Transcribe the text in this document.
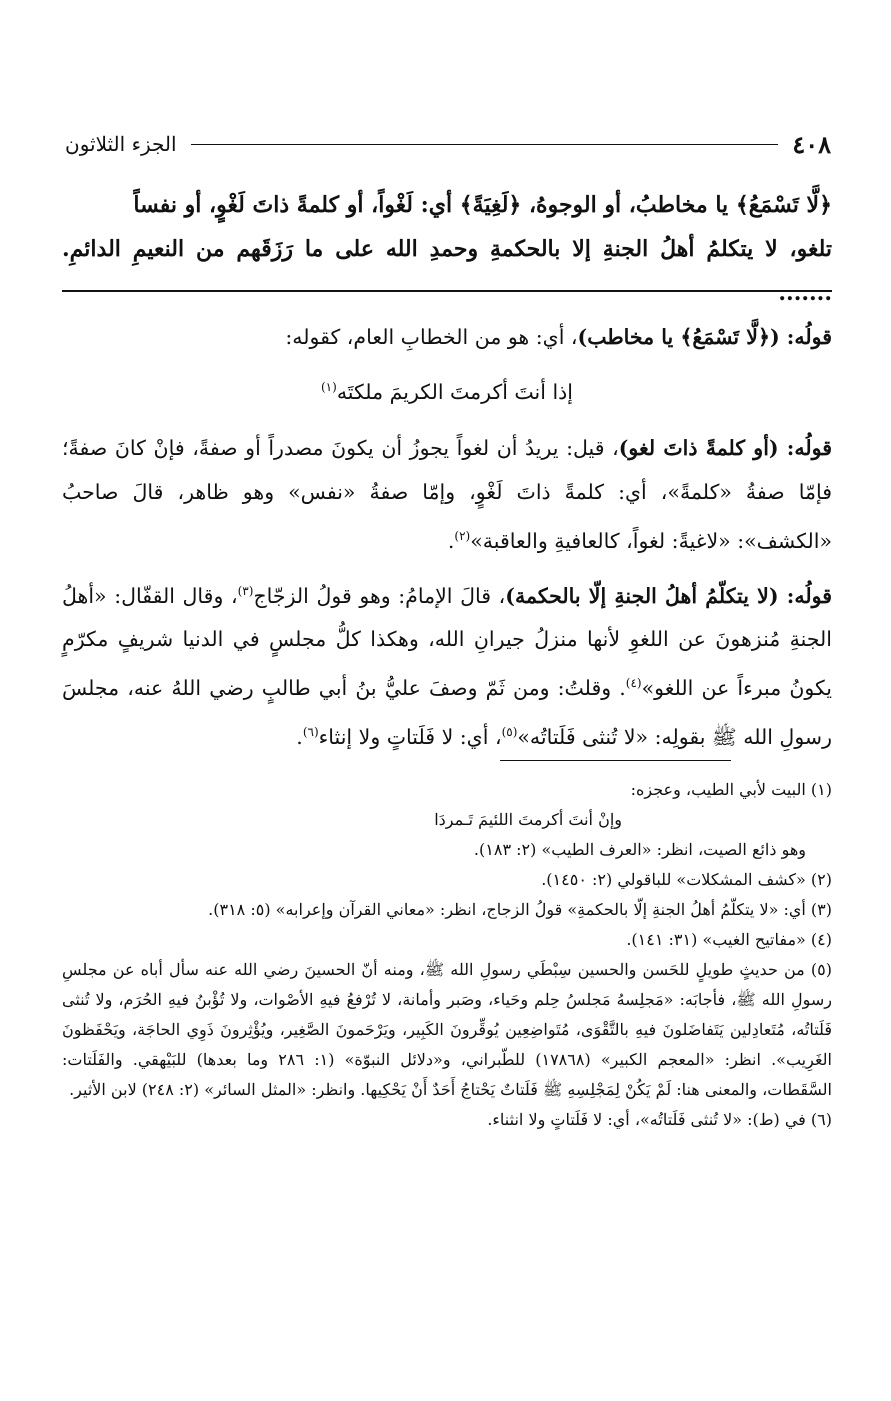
٤٠٨
الجزء الثلاثون
﴿لَّا تَسْمَعُ﴾ يا مخاطبُ، أو الوجوهُ، ﴿لَغِيَةً﴾ أي: لَغْواً، أو كلمةً ذاتَ لَغْوٍ، أو نفساً
تلغو، لا يتكلمُ أهلُ الجنةِ إلا بالحكمةِ وحمدِ الله على ما رَزَقَهم من النعيمِ الدائمِ. .......

قولُه: (﴿لَّا تَسْمَعُ﴾ يا مخاطب)، أي: هو من الخطابِ العام، كقوله:

إذا أنتَ أكرمتَ الكريمَ ملكتَه$^{(١)}$

قولُه: (أو كلمةً ذاتَ لغو)، قيل: يريدُ أن لغواً يجوزُ أن يكونَ مصدراً أو صفةً، فإنْ كانَ صفةً؛ فإمّا صفةُ «كلمةً»، أي: كلمةً ذاتَ لَغْوٍ، وإمّا صفةُ «نفس» وهو ظاهر، قالَ صاحبُ «الكشف»: «لاغيةً: لغواً، كالعافيةِ والعاقبة»$^{(٢)}$.

قولُه: (لا يتكلّمُ أهلُ الجنةِ إلّا بالحكمة)، قالَ الإمامُ: وهو قولُ الزجّاج$^{(٣)}$، وقال القفّال: «أهلُ الجنةِ مُنزهونَ عن اللغوِ لأنها منزلُ جيرانِ الله، وهكذا كلُّ مجلسٍ في الدنيا شريفٍ مكرّمٍ يكونُ مبرءاً عن اللغو»$^{(٤)}$. وقلتُ: ومن ثَمّ وصفَ عليُّ بنُ أبي طالبٍ رضي اللهُ عنه، مجلسَ رسولِ الله ﷺ بقولِه: «لا تُنثى فَلَتاتُه»$^{(٥)}$، أي: لا فَلَتاتٍ ولا إنثاء$^{(٦)}$.

(١) البيت لأبي الطيب، وعجزه:

وإنْ أنتَ أكرمتَ اللئيمَ تَـمردَا

وهو ذائع الصيت، انظر: «العرف الطيب» (٢: ١٨٣).

(٢) «كشف المشكلات» للباقولي (٢: ١٤٥٠).

(٣) أي: «لا يتكلّمُ أهلُ الجنةِ إلّا بالحكمةِ» قولُ الزجاج، انظر: «معاني القرآن وإعرابه» (٥: ٣١٨).

(٤) «مفاتيح الغيب» (٣١: ١٤١).

(٥) من حديثٍ طويلٍ للحَسن والحسين سِبْطَي رسولِ الله ﷺ، ومنه أنّ الحسينَ رضي الله عنه سأل أباه عن مجلسِ رسولِ الله ﷺ، فأجابَه: «مَجلِسهُ مَجلسُ حِلم وحَياء، وصَبر وأمانة، لا تُرْفعُ فيهِ الأصْوات، ولا تُؤْبنُ فيهِ الحُرَم، ولا تُنثى فَلَتاتُه، مُتَعادِلين يَتَفاضَلونَ فيهِ بالتَّقْوَى، مُتَواضِعِين يُوقِّرونَ الكَبِير، ويَرْحَمونَ الصَّغِير، ويُؤْثِرونَ ذَوِي الحاجَة، ويَحْفَظونَ الغَرِيب». انظر: «المعجم الكبير» (١٧٨٦٨) للطّبراني، و«دلائل النبوّة» (١: ٢٨٦ وما بعدها) للبَيْهقي. والفَلَتات: السَّقَطات، والمعنى هنا: لَمْ يَكُنْ لِمَجْلِسِهِ ﷺ فَلَتاتٌ يَحْتاجُ أَحَدٌ أَنْ يَحْكِيها. وانظر: «المثل السائر» (٢: ٢٤٨) لابن الأثير.

(٦) في (ط): «لا تُنثى فَلَتاتُه»، أي: لا فَلَتاتٍ ولا انثناء.
